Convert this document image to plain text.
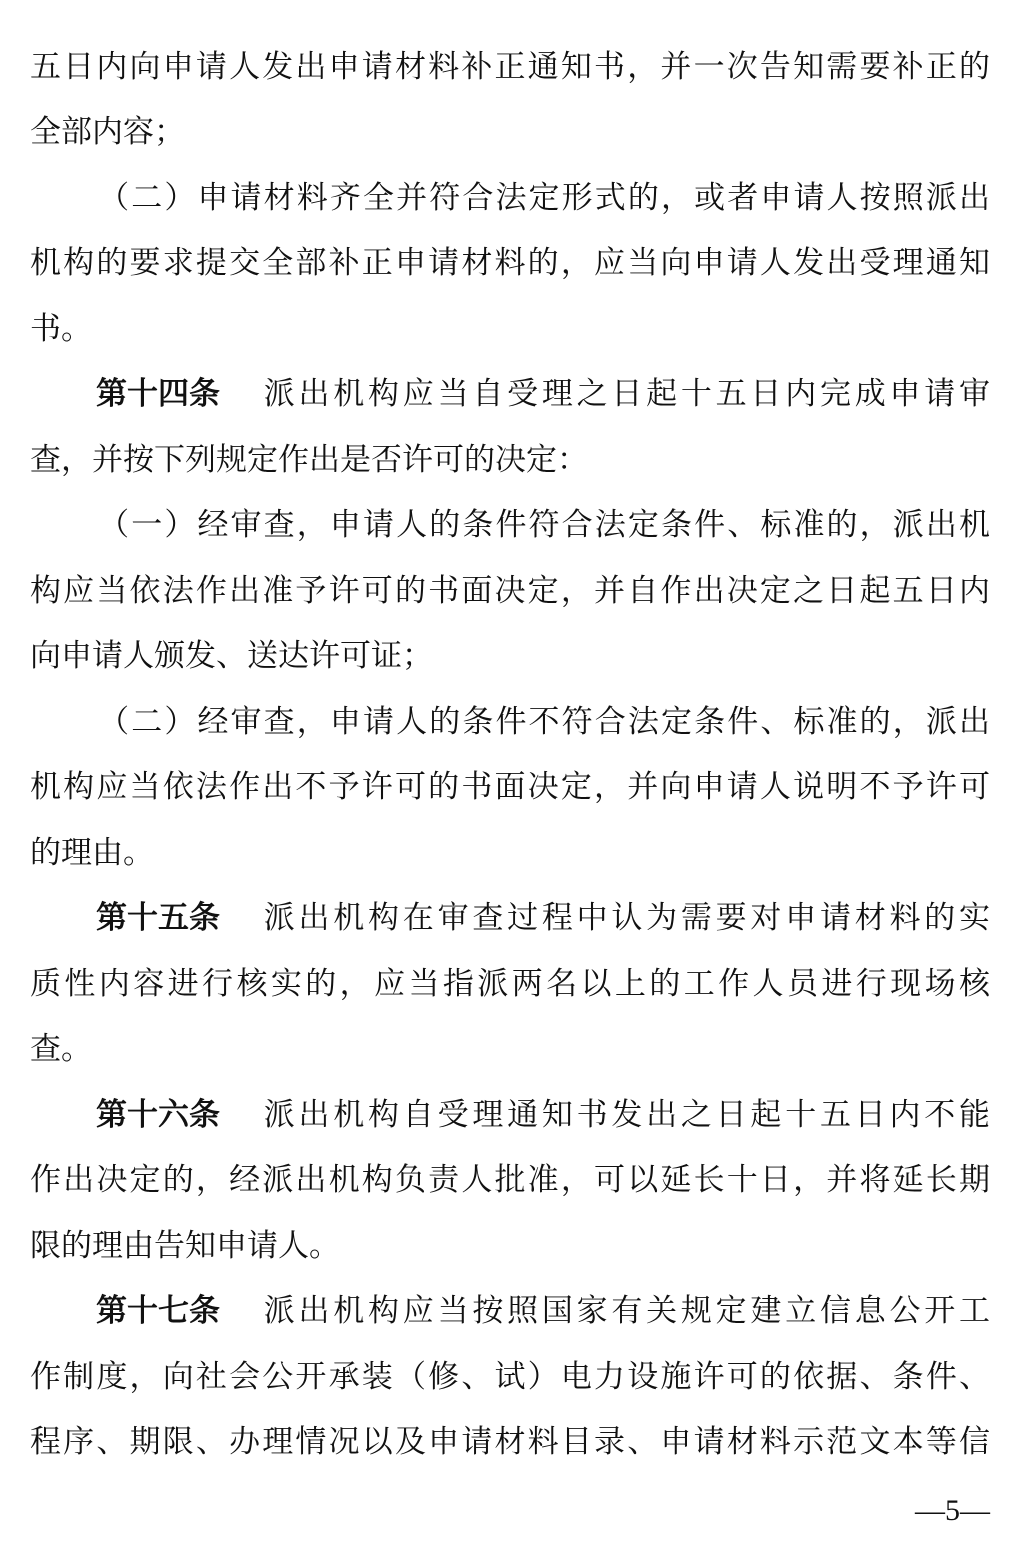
五日内向申请人发出申请材料补正通知书，并一次告知需要补正的
全部内容；
（二）申请材料齐全并符合法定形式的，或者申请人按照派出
机构的要求提交全部补正申请材料的，应当向申请人发出受理通知
书。
第十四条 派出机构应当自受理之日起十五日内完成申请审
查，并按下列规定作出是否许可的决定：
（一）经审查，申请人的条件符合法定条件、标准的，派出机
构应当依法作出准予许可的书面决定，并自作出决定之日起五日内
向申请人颁发、送达许可证；
（二）经审查，申请人的条件不符合法定条件、标准的，派出
机构应当依法作出不予许可的书面决定，并向申请人说明不予许可
的理由。
第十五条 派出机构在审查过程中认为需要对申请材料的实
质性内容进行核实的，应当指派两名以上的工作人员进行现场核
查。
第十六条 派出机构自受理通知书发出之日起十五日内不能
作出决定的，经派出机构负责人批准，可以延长十日，并将延长期
限的理由告知申请人。
第十七条 派出机构应当按照国家有关规定建立信息公开工
作制度，向社会公开承装（修、试）电力设施许可的依据、条件、
程序、期限、办理情况以及申请材料目录、申请材料示范文本等信
—5—
